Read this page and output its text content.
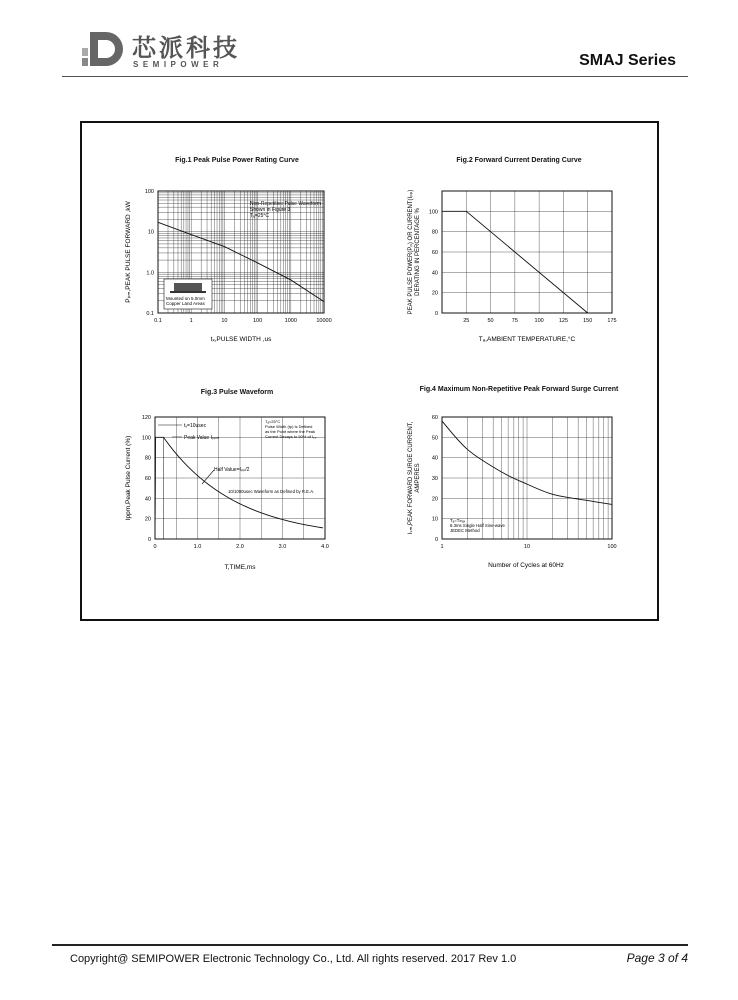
芯派科技
SEMIPOWER	SMAJ Series
Fig.1 Peak Pulse Power Rating Curve
0.1	1	10	100	1000	10000
0.1
1.0
10
100
Non-Repetitive Pulse Waveform
Shown in Figure 3
Tₐ=25°C
Mounted on 5.0mm
Copper Land Areas
tₓ,PULSE WIDTH ,us
Pₚₘ,PEAK PULSE FORWARD ,kW
Fig.2 Forward Current Derating Curve
25	50	75	100	125	150	175
0
20
40
60
80
100
Tₐ,AMBIENT TEMPERATURE,°C
PEAK PULSE POWER(Pₚ) OR CURRENT(Iₚₚ) DERATING IN PERCENTAGE %
Fig.3 Pulse Waveform
0	1.0	2.0	3.0	4.0
0
20
40
60
80
100
120
tₓ=10usec
Peak Value Iₚₚₘ
Half Value=Iₚₚ/2
10/1000usec Waveform as Defined by R.E.A.
Tₐ=25°C
Pulse Width (tp) is Defined
as the Point where the Peak
Current Decays to 50% of Iₚₚ
T,TIME,ms
Ippm,Peak Pulse Current (%)
Fig.4 Maximum Non-Repetitive Peak Forward Surge Current
1	10	100
0
10
20
30
40
50
60
Tₐ=Tₘₐₓ
8.3ms Single Half Sine-wave
JEDEC Method
Number of Cycles at 60Hz
Iₛₘ,PEAK FORWARD SURGE CURRENT, AMPERES
Copyright@ SEMIPOWER Electronic Technology Co., Ltd. All rights reserved. 2017 Rev 1.0	Page 3 of 4
